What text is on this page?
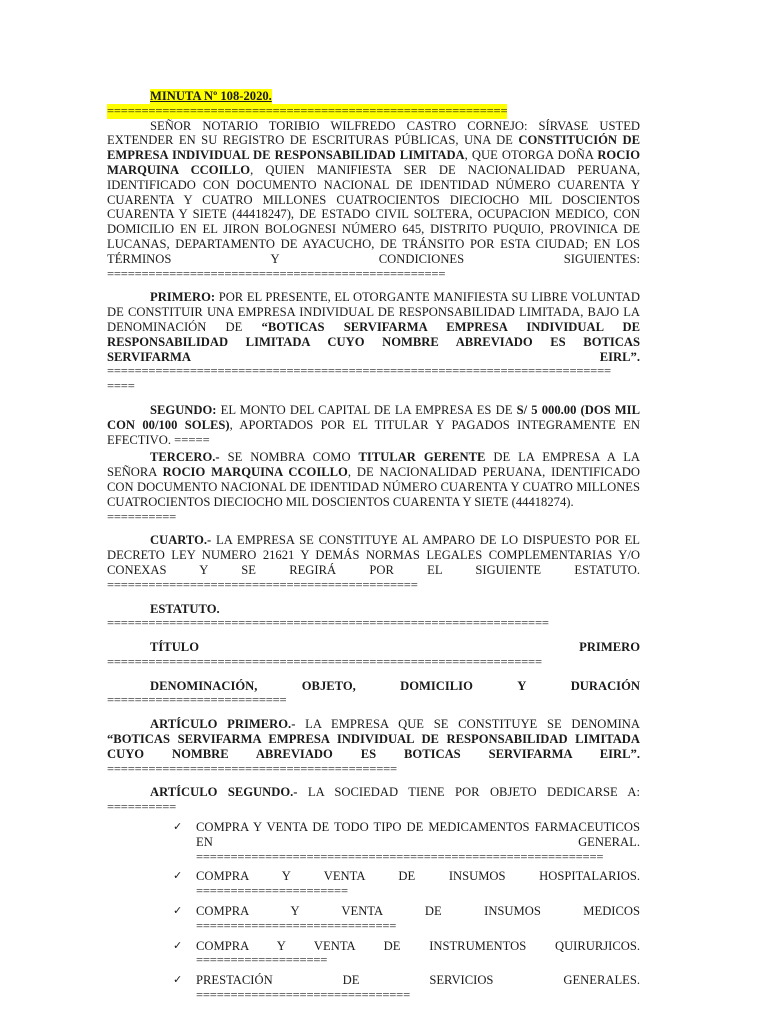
MINUTA Nº 108-2020.
==========================================================
SEÑOR NOTARIO TORIBIO WILFREDO CASTRO CORNEJO: SÍRVASE USTED EXTENDER EN SU REGISTRO DE ESCRITURAS PÚBLICAS, UNA DE CONSTITUCIÓN DE EMPRESA INDIVIDUAL DE RESPONSABILIDAD LIMITADA, QUE OTORGA DOÑA ROCIO MARQUINA CCOILLO, QUIEN MANIFIESTA SER DE NACIONALIDAD PERUANA, IDENTIFICADO CON DOCUMENTO NACIONAL DE IDENTIDAD NÚMERO CUARENTA Y CUARENTA Y CUATRO MILLONES CUATROCIENTOS DIECIOCHO MIL DOSCIENTOS CUARENTA Y SIETE (44418247), DE ESTADO CIVIL SOLTERA, OCUPACION MEDICO, CON DOMICILIO EN EL JIRON BOLOGNESI NÚMERO 645, DISTRITO PUQUIO, PROVINICA DE LUCANAS, DEPARTAMENTO DE AYACUCHO, DE TRÁNSITO POR ESTA CIUDAD; EN LOS TÉRMINOS Y CONDICIONES SIGUIENTES:
=================================================
PRIMERO: POR EL PRESENTE, EL OTORGANTE MANIFIESTA SU LIBRE VOLUNTAD DE CONSTITUIR UNA EMPRESA INDIVIDUAL DE RESPONSABILIDAD LIMITADA, BAJO LA DENOMINACIÓN DE “BOTICAS SERVIFARMA EMPRESA INDIVIDUAL DE RESPONSABILIDAD LIMITADA CUYO NOMBRE ABREVIADO ES BOTICAS SERVIFARMA EIRL”.
=========================================================================
====
SEGUNDO: EL MONTO DEL CAPITAL DE LA EMPRESA ES DE S/ 5 000.00 (DOS MIL CON 00/100 SOLES), APORTADOS POR EL TITULAR Y PAGADOS INTEGRAMENTE EN EFECTIVO. =====
TERCERO.- SE NOMBRA COMO TITULAR GERENTE DE LA EMPRESA A LA SEÑORA ROCIO MARQUINA CCOILLO, DE NACIONALIDAD PERUANA, IDENTIFICADO CON DOCUMENTO NACIONAL DE IDENTIDAD NÚMERO CUARENTA Y CUATRO MILLONES CUATROCIENTOS DIECIOCHO MIL DOSCIENTOS CUARENTA Y SIETE (44418274).
==========
CUARTO.- LA EMPRESA SE CONSTITUYE AL AMPARO DE LO DISPUESTO POR EL DECRETO LEY NUMERO 21621 Y DEMÁS NORMAS LEGALES COMPLEMENTARIAS Y/O CONEXAS Y SE REGIRÁ POR EL SIGUIENTE ESTATUTO.
=============================================
ESTATUTO.
================================================================
TÍTULO	PRIMERO
===============================================================
DENOMINACIÓN,	OBJETO,	DOMICILIO	Y	DURACIÓN
==========================
ARTÍCULO PRIMERO.- LA EMPRESA QUE SE CONSTITUYE SE DENOMINA “BOTICAS SERVIFARMA EMPRESA INDIVIDUAL DE RESPONSABILIDAD LIMITADA CUYO NOMBRE ABREVIADO ES BOTICAS SERVIFARMA EIRL”.
==========================================
ARTÍCULO SEGUNDO.- LA SOCIEDAD TIENE POR OBJETO DEDICARSE A:
==========
✓ COMPRA Y VENTA DE TODO TIPO DE MEDICAMENTOS FARMACEUTICOS EN GENERAL.
===========================================================
✓ COMPRA Y VENTA DE INSUMOS HOSPITALARIOS.
======================
✓ COMPRA Y VENTA DE INSUMOS MEDICOS
=============================
✓ COMPRA Y VENTA DE INSTRUMENTOS QUIRURJICOS.
===================
✓ PRESTACIÓN DE SERVICIOS GENERALES.
===============================
